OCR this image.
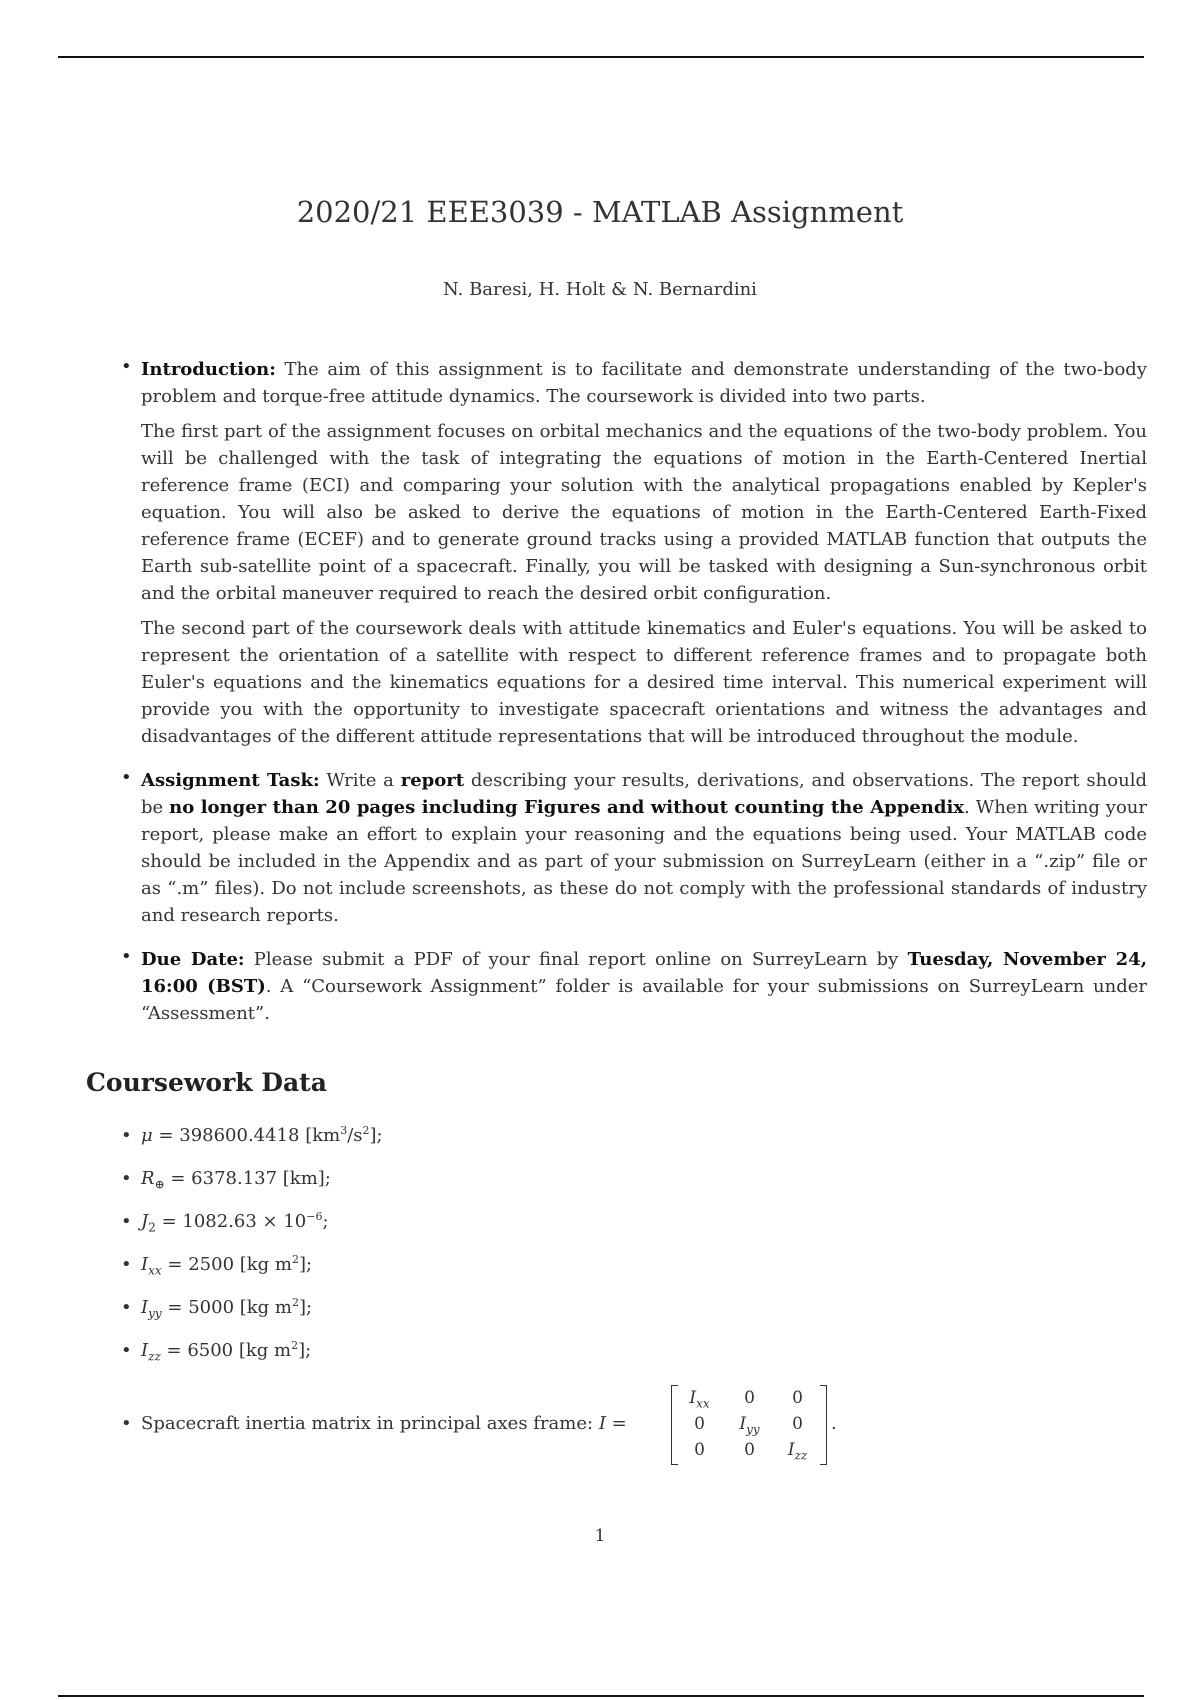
2020/21 EEE3039 - MATLAB Assignment
N. Baresi, H. Holt & N. Bernardini
• Introduction: The aim of this assignment is to facilitate and demonstrate understanding of the two-body problem and torque-free attitude dynamics. The coursework is divided into two parts.

The first part of the assignment focuses on orbital mechanics and the equations of the two-body problem. You will be challenged with the task of integrating the equations of motion in the Earth-Centered Inertial reference frame (ECI) and comparing your solution with the analytical propagations enabled by Kepler's equation. You will also be asked to derive the equations of motion in the Earth-Centered Earth-Fixed reference frame (ECEF) and to generate ground tracks using a provided MATLAB function that outputs the Earth sub-satellite point of a spacecraft. Finally, you will be tasked with designing a Sun-synchronous orbit and the orbital maneuver required to reach the desired orbit configuration.

The second part of the coursework deals with attitude kinematics and Euler's equations. You will be asked to represent the orientation of a satellite with respect to different reference frames and to propagate both Euler's equations and the kinematics equations for a desired time interval. This numerical experiment will provide you with the opportunity to investigate spacecraft orientations and witness the advantages and disadvantages of the different attitude representations that will be introduced throughout the module.

• Assignment Task: Write a report describing your results, derivations, and observations. The report should be no longer than 20 pages including Figures and without counting the Appendix. When writing your report, please make an effort to explain your reasoning and the equations being used. Your MATLAB code should be included in the Appendix and as part of your submission on SurreyLearn (either in a “.zip” file or as “.m” files). Do not include screenshots, as these do not comply with the professional standards of industry and research reports.

• Due Date: Please submit a PDF of your final report online on SurreyLearn by Tuesday, November 24, 16:00 (BST). A “Coursework Assignment” folder is available for your submissions on SurreyLearn under “Assessment”.

Coursework Data
• μ = 398600.4418 $[km^3/s^2]$;
• $R_\oplus = 6378.137$ [km];
• $J_2 = 1082.63 \times 10^{-6}$;
• $I_{xx} = 2500$ [kg $m^2$];
• $I_{yy} = 5000$ [kg $m^2$];
• $I_{zz} = 6500$ [kg $m^2$];
• Spacecraft inertia matrix in principal axes frame: I =
$I_{xx}$	0	0
0	$I_{yy}$	0
0	0	$I_{zz}$
.
1
